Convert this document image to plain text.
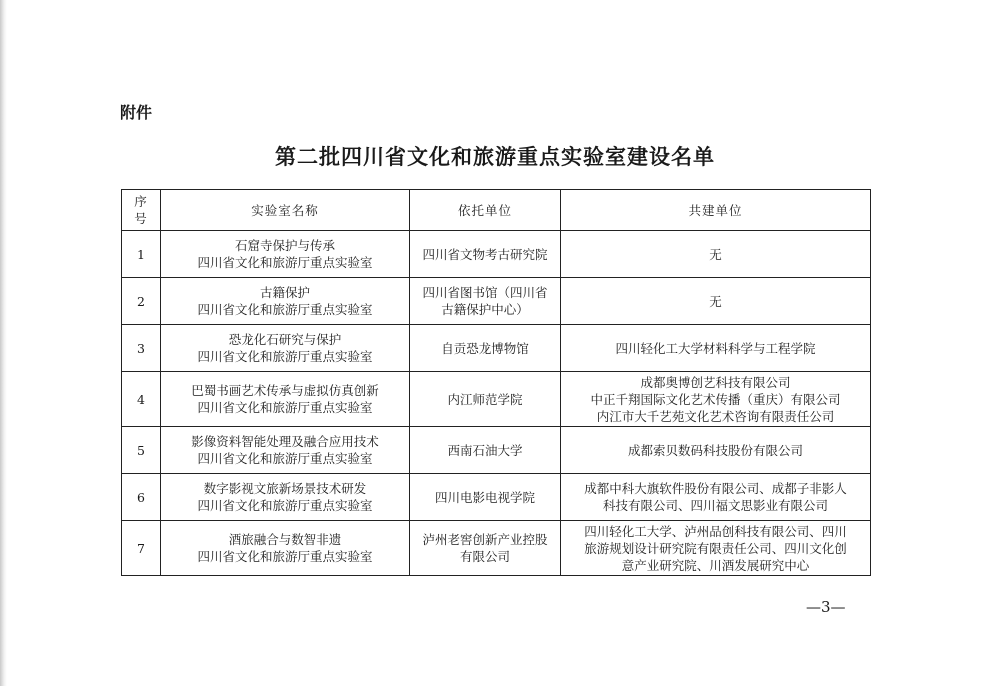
附件
第二批四川省文化和旅游重点实验室建设名单
序
号	实验室名称	依托单位	共建单位
1	石窟寺保护与传承
四川省文化和旅游厅重点实验室	四川省文物考古研究院	无

2	古籍保护
四川省文化和旅游厅重点实验室	四川省图书馆（四川省
古籍保护中心）	无

3	恐龙化石研究与保护
四川省文化和旅游厅重点实验室	自贡恐龙博物馆	四川轻化工大学材料科学与工程学院

4	巴蜀书画艺术传承与虚拟仿真创新
四川省文化和旅游厅重点实验室	内江师范学院	成都奥博创艺科技有限公司
中正千翔国际文化艺术传播（重庆）有限公司
内江市大千艺苑文化艺术咨询有限责任公司

5	影像资料智能处理及融合应用技术
四川省文化和旅游厅重点实验室	西南石油大学	成都索贝数码科技股份有限公司

6	数字影视文旅新场景技术研发
四川省文化和旅游厅重点实验室	四川电影电视学院	成都中科大旗软件股份有限公司、成都子非影人
科技有限公司、四川福文思影业有限公司

7	酒旅融合与数智非遗
四川省文化和旅游厅重点实验室	泸州老窖创新产业控股
有限公司	四川轻化工大学、泸州品创科技有限公司、四川
旅游规划设计研究院有限责任公司、四川文化创
意产业研究院、川酒发展研究中心
—3—
